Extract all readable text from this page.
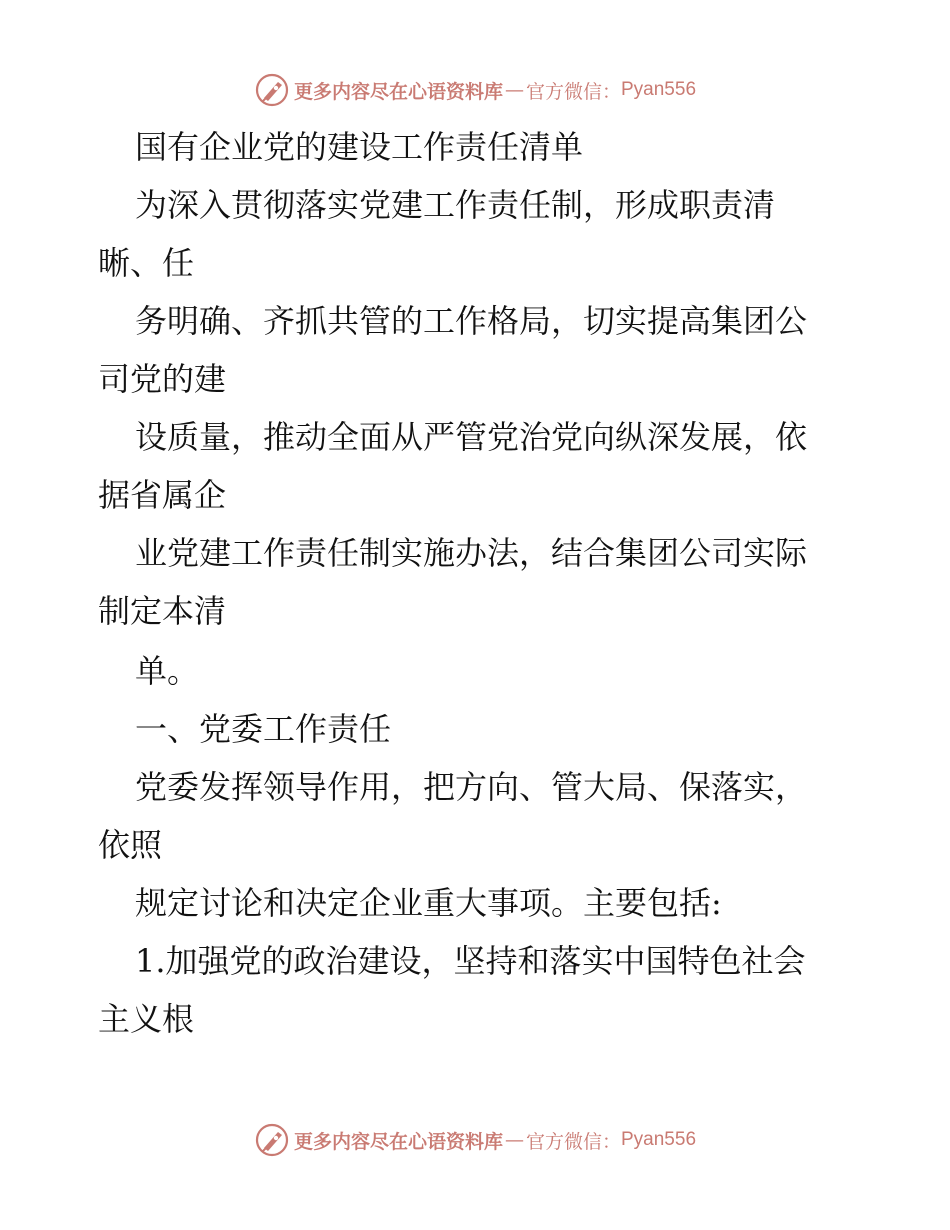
更多内容尽在心语资料库 — 官方微信： Pyan556
国有企业党的建设工作责任清单
为深入贯彻落实党建工作责任制，形成职责清
晰、任
务明确、齐抓共管的工作格局，切实提高集团公
司党的建
设质量，推动全面从严管党治党向纵深发展，依
据省属企
业党建工作责任制实施办法，结合集团公司实际
制定本清
单。
一、党委工作责任
党委发挥领导作用，把方向、管大局、保落实，
依照
规定讨论和决定企业重大事项。主要包括:
1.加强党的政治建设，坚持和落实中国特色社会
主义根
更多内容尽在心语资料库 — 官方微信： Pyan556
